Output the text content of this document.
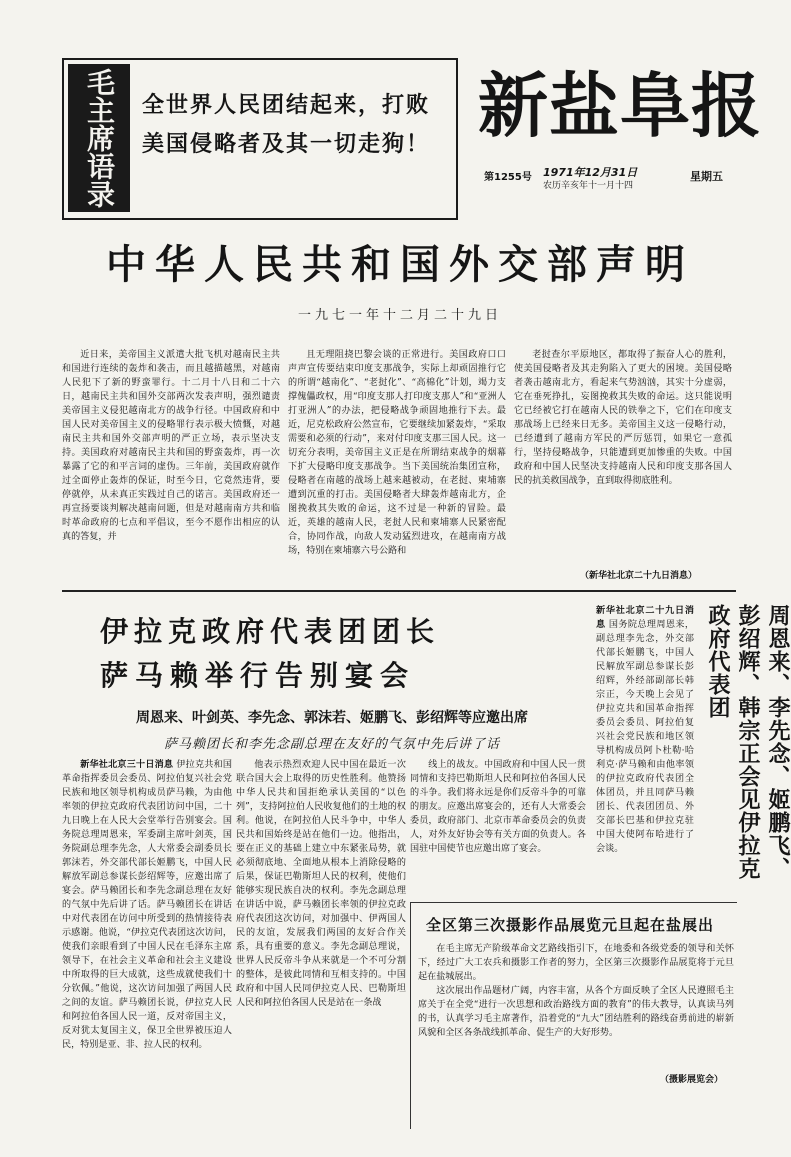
毛主席语录 全世界人民团结起来，打败美国侵略者及其一切走狗！ 新盐阜报
第1255号 1971年12月31日
农历辛亥年十一月十四
星期五
中华人民共和国外交部声明
一九七一年十二月二十九日

近日来，美帝国主义派遣大批飞机对越南民主共和国进行连续的轰炸和袭击，而且越描越黑，对越南人民犯下了新的野蛮罪行。十二月十八日和二十六日，越南民主共和国外交部两次发表声明，强烈谴责美帝国主义侵犯越南北方的战争行径。中国政府和中国人民对美帝国主义的侵略罪行表示极大愤慨，对越南民主共和国外交部声明的严正立场，表示坚决支持。美国政府对越南民主共和国的野蛮轰炸，再一次暴露了它的和平言词的虚伪。三年前，美国政府就作过全面停止轰炸的保证，时至今日，它竟然违背，要停就停，从未真正实践过自己的诺言。美国政府还一再宣扬要谈判解决越南问题，但是对越南南方共和临时革命政府的七点和平倡议，至今不愿作出相应的认真的答复，并

且无理阻挠巴黎会谈的正常进行。美国政府口口声声宣传要结束印度支那战争，实际上却顽固推行它的所谓“越南化”、“老挝化”、“高棉化”计划，竭力支撑傀儡政权，用“印度支那人打印度支那人”和“亚洲人打亚洲人”的办法，把侵略战争顽固地推行下去。最近，尼克松政府公然宣布，它要继续加紧轰炸，“采取需要和必须的行动”，来对付印度支那三国人民。这一切充分表明，美帝国主义正是在所谓结束战争的烟幕下扩大侵略印度支那战争。当下美国统治集团宣称，侵略者在南越的战场上越来越被动，在老挝、柬埔寨遭到沉重的打击。美国侵略者大肆轰炸越南北方，企图挽救其失败的命运，这不过是一种新的冒险。最近，英雄的越南人民，老挝人民和柬埔寨人民紧密配合，协同作战，向敌人发动猛烈进攻，在越南南方战场，特别在柬埔寨六号公路和

老挝查尔平原地区，都取得了振奋人心的胜利，使美国侵略者及其走狗陷入了更大的困境。美国侵略者袭击越南北方，看起来气势汹汹，其实十分虚弱，它在垂死挣扎，妄图挽救其失败的命运。这只能说明它已经被它打在越南人民的铁拳之下，它们在印度支那战场上已经来日无多。美帝国主义这一侵略行动，已经遭到了越南方军民的严厉惩罚，如果它一意孤行，坚持侵略战争，只能遭到更加惨重的失败。中国政府和中国人民坚决支持越南人民和印度支那各国人民的抗美救国战争，直到取得彻底胜利。

（新华社北京二十九日消息）
伊拉克政府代表团团长
萨马赖举行告别宴会
周恩来、叶剑英、李先念、郭沫若、姬鹏飞、彭绍辉等应邀出席
萨马赖团长和李先念副总理在友好的气氛中先后讲了话

新华社北京三十日消息 伊拉克共和国革命指挥委员会委员、阿拉伯复兴社会党民族和地区领导机构成员萨马赖，为由他率领的伊拉克政府代表团访问中国，二十九日晚上在人民大会堂举行告别宴会。国务院总理周恩来，军委副主席叶剑英，国务院副总理李先念，人大常委会副委员长郭沫若，外交部代部长姬鹏飞，中国人民解放军副总参谋长彭绍辉等，应邀出席了宴会。萨马赖团长和李先念副总理在友好的气氛中先后讲了话。萨马赖团长在讲话中对代表团在访问中所受到的热情接待表示感谢。他说，“伊拉克代表团这次访问，使我们亲眼看到了中国人民在毛泽东主席领导下，在社会主义革命和社会主义建设中所取得的巨大成就，这些成就使我们十分钦佩。”他说，这次访问加强了两国人民之间的友谊。萨马赖团长说，伊拉克人民和阿拉伯各国人民一道，反对帝国主义，反对犹太复国主义，保卫全世界被压迫人民，特别是亚、非、拉人民的权利。

他表示热烈欢迎人民中国在最近一次联合国大会上取得的历史性胜利。他赞扬中华人民共和国拒绝承认美国的“以色列”，支持阿拉伯人民收复他们的土地的权利。他说，在阿拉伯人民斗争中，中华人民共和国始终是站在他们一边。他指出，要在正义的基础上建立中东紧张局势，就必须彻底地、全面地从根本上消除侵略的后果，保证巴勒斯坦人民的权利，使他们能够实现民族自决的权利。李先念副总理在讲话中说，萨马赖团长率领的伊拉克政府代表团这次访问，对加强中、伊两国人民的友谊，发展我们两国的友好合作关系，具有重要的意义。李先念副总理说，世界人民反帝斗争从来就是一个不可分割的整体，是彼此同情和互相支持的。中国政府和中国人民同伊拉克人民、巴勒斯坦人民和阿拉伯各国人民是站在一条战

线上的战友。中国政府和中国人民一贯同情和支持巴勒斯坦人民和阿拉伯各国人民的斗争。我们将永远是你们反帝斗争的可靠的朋友。应邀出席宴会的，还有人大常委会委员，政府部门、北京市革命委员会的负责人，对外友好协会等有关方面的负责人。各国驻中国使节也应邀出席了宴会。

新华社北京二十九日消息 国务院总理周恩来，副总理李先念，外交部代部长姬鹏飞，中国人民解放军副总参谋长彭绍辉，外经部副部长韩宗正，今天晚上会见了伊拉克共和国革命指挥委员会委员、阿拉伯复兴社会党民族和地区领导机构成员阿卜杜勒·哈利克·萨马赖和由他率领的伊拉克政府代表团全体团员，并且同萨马赖团长、代表团团员、外交部长巴基和伊拉克驻中国大使阿布哈进行了会谈。	周恩来、李先念、姬鹏飞、彭绍辉、韩宗正会见伊拉克政府代表团
全区第三次摄影作品展览元旦起在盐展出

在毛主席无产阶级革命文艺路线指引下，在地委和各级党委的领导和关怀下，经过广大工农兵和摄影工作者的努力，全区第三次摄影作品展览将于元旦起在盐城展出。

这次展出作品题材广阔，内容丰富，从各个方面反映了全区人民遵照毛主席关于在全党“进行一次思想和政治路线方面的教育”的伟大教导，认真读马列的书，认真学习毛主席著作，沿着党的“九大”团结胜利的路线奋勇前进的崭新风貌和全区各条战线抓革命、促生产的大好形势。

（摄影展览会）
